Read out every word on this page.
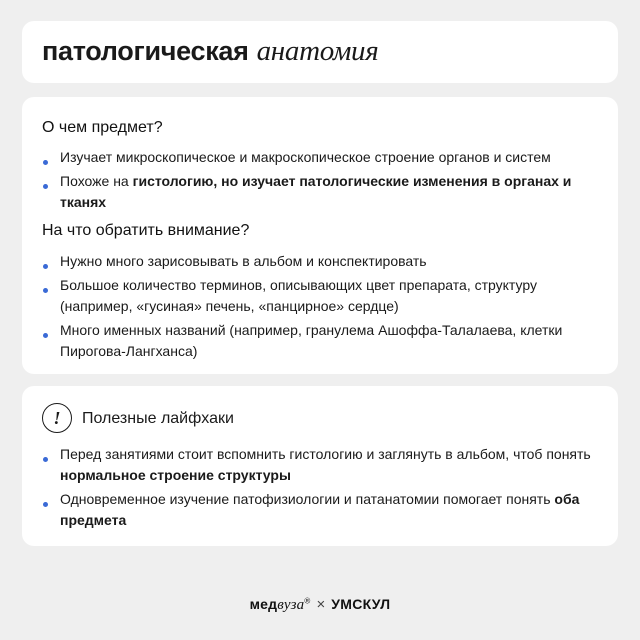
патологическая анатомия
О чем предмет?
Изучает микроскопическое и макроскопическое строение органов и систем
Похоже на гистологию, но изучает патологические изменения в органах и тканях
На что обратить внимание?
Нужно много зарисовывать в альбом и конспектировать
Большое количество терминов, описывающих цвет препарата, структуру (например, «гусиная» печень, «панцирное» сердце)
Много именных названий (например, гранулема Ашоффа-Талалаева, клетки Пирогова-Лангханса)
!	Полезные лайфхаки
Перед занятиями стоит вспомнить гистологию и заглянуть в альбом, чтоб понять нормальное строение структуры
Одновременное изучение патофизиологии и патанатомии помогает понять оба предмета
медвуза® × УМСКУЛ
